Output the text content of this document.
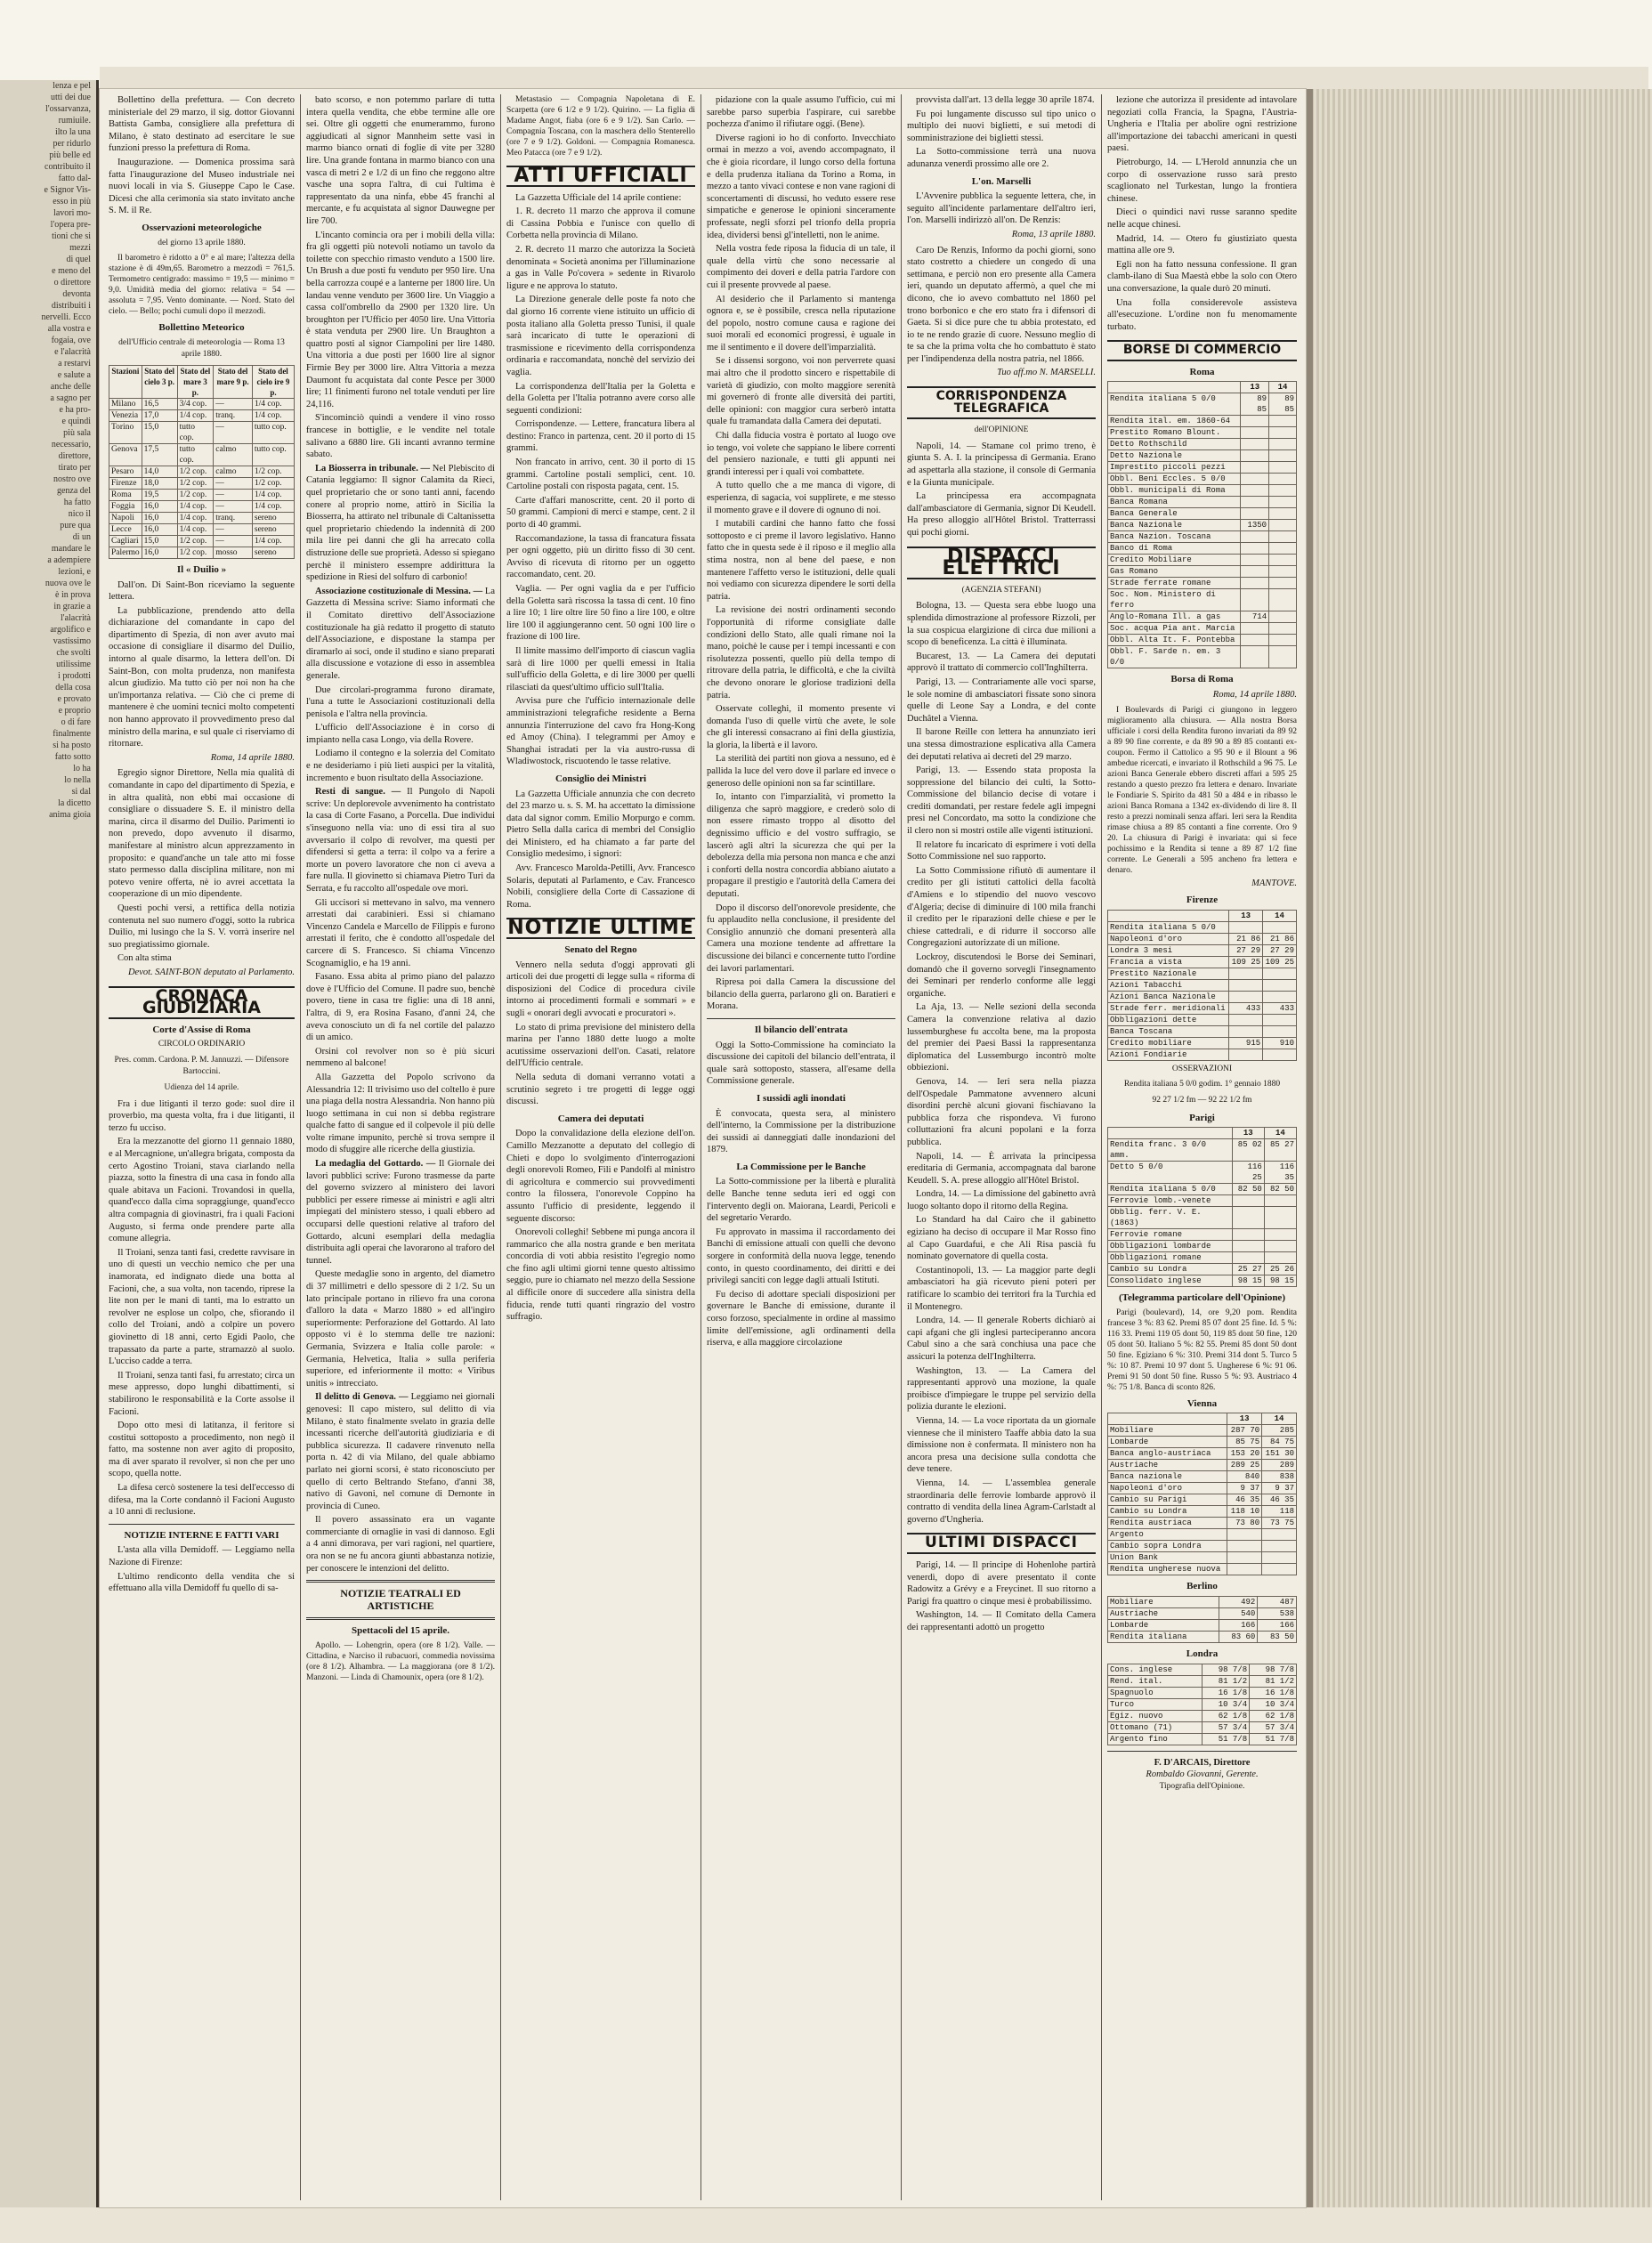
lenza e pel

utti dei due

l'ossarvanza,

rumiuile.

ilto la una

per ridurlo

più belle ed

contribuito il

fatto dal-

e Signor Vis-

esso in più

lavori mo-

l'opera pre-

tioni che si

mezzi

di quel

e meno del

o direttore

devonta

distribuiti i

nervelli. Ecco

alla vostra e

fogaia, ove

e l'alacrità

a restarvi

e salute a

anche delle

a sagno per

e ha pro-

e quindi

più sala

necessario,

direttore,

tirato per

nostro ove

genza del

ha fatto

nico il

pure qua

di un

mandare le

a adempiere

lezioni, e

nuova ove le

è in prova

in grazie a

l'alacrità

argolifico e

vastissimo

che svolti

utilissime

i prodotti

della cosa

e provato

e proprio

o di fare

finalmente

si ha posto

fatto sotto

lo ha

lo nella

si dal

la dicetto

anima gioia

Bollettino della prefettura. — Con decreto ministeriale del 29 marzo, il sig. dottor Giovanni Battista Gamba, consigliere alla prefettura di Milano, è stato destinato ad esercitare le sue funzioni presso la prefettura di Roma.

Inaugurazione. — Domenica prossima sarà fatta l'inaugurazione del Museo industriale nei nuovi locali in via S. Giuseppe Capo le Case. Dicesi che alla cerimonia sia stato invitato anche S. M. il Re.

Osservazioni meteorologiche
del giorno 13 aprile 1880.

Il barometro è ridotto a 0° e al mare; l'altezza della stazione è di 49m,65. Barometro a mezzodì = 761,5. Termometro centigrado: massimo = 19,5 — minimo = 9,0. Umidità media del giorno: relativa = 54 — assoluta = 7,95. Vento dominante. — Nord. Stato del cielo. — Bello; pochi cumuli dopo il mezzodì.

Bollettino Meteorico
dell'Ufficio centrale di meteorologia — Roma 13 aprile 1880.
Stazioni	Stato del cielo 3 p.	Stato del mare 3 p.	Stato del mare 9 p.	Stato del cielo ire 9 p.
Milano	16,5	3/4 cop.	—	1/4 cop.
Venezia	17,0	1/4 cop.	tranq.	1/4 cop.
Torino	15,0	tutto cop.	—	tutto cop.
Genova	17,5	tutto cop.	calmo	tutto cop.
Pesaro	14,0	1/2 cop.	calmo	1/2 cop.
Firenze	18,0	1/2 cop.	—	1/2 cop.
Roma	19,5	1/2 cop.	—	1/4 cop.
Foggia	16,0	1/4 cop.	—	1/4 cop.
Napoli	16,0	1/4 cop.	tranq.	sereno
Lecce	16,0	1/4 cop.	—	sereno
Cagliari	15,0	1/2 cop.	—	1/4 cop.
Palermo	16,0	1/2 cop.	mosso	sereno
Il « Duilio »

Dall'on. Di Saint-Bon riceviamo la seguente lettera.

La pubblicazione, prendendo atto della dichiarazione del comandante in capo del dipartimento di Spezia, di non aver avuto mai occasione di consigliare il disarmo del Duilio, intorno al quale disarmo, la lettera dell'on. Di Saint-Bon, con molta prudenza, non manifesta alcun giudizio. Ma tutto ciò per noi non ha che un'importanza relativa. — Ciò che ci preme di mantenere è che uomini tecnici molto competenti non hanno approvato il provvedimento preso dal ministro della marina, e sul quale ci riserviamo di ritornare.

Roma, 14 aprile 1880.

Egregio signor Direttore, Nella mia qualità di comandante in capo del dipartimento di Spezia, e in altra qualità, non ebbi mai occasione di consigliare o dissuadere S. E. il ministro della marina, circa il disarmo del Duilio. Parimenti io non prevedo, dopo avvenuto il disarmo, manifestare al ministro alcun apprezzamento in proposito: e quand'anche un tale atto mi fosse stato permesso dalla disciplina militare, non mi potevo venire offerta, nè io avrei accettata la cooperazione di un mio dipendente.

Questi pochi versi, a rettifica della notizia contenuta nel suo numero d'oggi, sotto la rubrica Duilio, mi lusingo che la S. V. vorrà inserire nel suo pregiatissimo giornale.

Con alta stima

Devot. SAINT-BON deputato al Parlamento.
CRONACA GIUDIZIARIA
Corte d'Assise di Roma
CIRCOLO ORDINARIO
Pres. comm. Cardona. P. M. Jannuzzi. — Difensore Bartoccini.
Udienza del 14 aprile.

Fra i due litiganti il terzo gode: suol dire il proverbio, ma questa volta, fra i due litiganti, il terzo fu ucciso.

Era la mezzanotte del giorno 11 gennaio 1880, e al Mercagnione, un'allegra brigata, composta da certo Agostino Troiani, stava ciarlando nella piazza, sotto la finestra di una casa in fondo alla quale abitava un Facioni. Trovandosi in quella, quand'ecco dalla cima sopraggiunge, quand'ecco altra compagnia di giovinastri, fra i quali Facioni Augusto, si ferma onde prendere parte alla comune allegria.

Il Troiani, senza tanti fasi, credette ravvisare in uno di questi un vecchio nemico che per una inamorata, ed indignato diede una botta al Facioni, che, a sua volta, non tacendo, riprese la lite non per le mani di tanti, ma lo estratto un revolver ne esplose un colpo, che, sfiorando il collo del Troiani, andò a colpire un povero giovinetto di 18 anni, certo Egidi Paolo, che trapassato da parte a parte, stramazzò al suolo. L'ucciso cadde a terra.

Il Troiani, senza tanti fasi, fu arrestato; circa un mese appresso, dopo lunghi dibattimenti, si stabilirono le responsabilità e la Corte assolse il Facioni.

Dopo otto mesi di latitanza, il feritore si costituì sottoposto a procedimento, non negò il fatto, ma sostenne non aver agito di proposito, ma di aver sparato il revolver, sì non che per uno scopo, quella notte.

La difesa cercò sostenere la tesi dell'eccesso di difesa, ma la Corte condannò il Facioni Augusto a 10 anni di reclusione.

NOTIZIE INTERNE E FATTI VARI

L'asta alla villa Demidoff. — Leggiamo nella Nazione di Firenze:

L'ultimo rendiconto della vendita che si effettuano alla villa Demidoff fu quello di sa-

bato scorso, e non potemmo parlare di tutta intera quella vendita, che ebbe termine alle ore sei. Oltre gli oggetti che enumerammo, furono aggiudicati al signor Mannheim sette vasi in marmo bianco ornati di foglie di vite per 3280 lire. Una grande fontana in marmo bianco con una vasca di metri 2 e 1/2 di un fino che reggono altre vasche una sopra l'altra, di cui l'ultima è rappresentato da una ninfa, ebbe 45 franchi al mercante, e fu acquistata al signor Dauwegne per lire 700.

L'incanto comincia ora per i mobili della villa: fra gli oggetti più notevoli notiamo un tavolo da toilette con specchio rimasto venduto a 1500 lire. Un Brush a due posti fu venduto per 950 lire. Una bella carrozza coupé e a lanterne per 1800 lire. Un landau venne venduto per 3600 lire. Un Viaggio a cassa coll'ombrello da 2900 per 1320 lire. Un broughton per l'Ufficio per 4050 lire. Una Vittoria è stata venduta per 2900 lire. Un Braughton a quattro posti al signor Ciampolini per lire 1480. Una vittoria a due posti per 1600 lire al signor Firmie Bey per 3000 lire. Altra Vittoria a mezza Daumont fu acquistata dal conte Pesce per 3000 lire; 11 finimenti furono nel totale venduti per lire 24,116.

S'incominciò quindi a vendere il vino rosso francese in bottiglie, e le vendite nel totale salivano a 6880 lire. Gli incanti avranno termine sabato.

La Biosserra in tribunale. — Nel Plebiscito di Catania leggiamo: Il signor Calamita da Rieci, quel proprietario che or sono tanti anni, facendo conere al proprio nome, attirò in Sicilia la Biosserra, ha attirato nel tribunale di Caltanissetta quel proprietario chiedendo la indennità di 200 mila lire pei danni che gli ha arrecato colla distruzione delle sue proprietà. Adesso si spiegano perchè il ministero essempre addirittura la spedizione in Riesi del solfuro di carbonio!

Associazione costituzionale di Messina. — La Gazzetta di Messina scrive: Siamo informati che il Comitato direttivo dell'Associazione costituzionale ha già redatto il progetto di statuto dell'Associazione, e dispostane la stampa per diramarlo ai soci, onde il studino e siano preparati alla discussione e votazione di esso in assemblea generale.

Due circolari-programma furono diramate, l'una a tutte le Associazioni costituzionali della penisola e l'altra nella provincia.

L'ufficio dell'Associazione è in corso di impianto nella casa Longo, via della Rovere.

Lodiamo il contegno e la solerzia del Comitato e ne desideriamo i più lieti auspici per la vitalità, incremento e buon risultato della Associazione.

Resti di sangue. — Il Pungolo di Napoli scrive: Un deplorevole avvenimento ha contristato la casa di Corte Fasano, a Porcella. Due individui s'inseguono nella via: uno di essi tira al suo avversario il colpo di revolver, ma questi per difendersi si getta a terra: il colpo va a ferire a morte un povero lavoratore che non ci aveva a fare nulla. Il giovinetto si chiamava Pietro Turi da Serrata, e fu raccolto all'ospedale ove morì.

Gli uccisori si mettevano in salvo, ma vennero arrestati dai carabinieri. Essi si chiamano Vincenzo Candela e Marcello de Filippis e furono arrestati il ferito, che è condotto all'ospedale del carcere di S. Francesco. Si chiama Vincenzo Scognamiglio, e ha 19 anni.

Fasano. Essa abita al primo piano del palazzo dove è l'Ufficio del Comune. Il padre suo, benchè povero, tiene in casa tre figlie: una di 18 anni, l'altra, di 9, era Rosina Fasano, d'anni 24, che aveva conosciuto un dì fa nel cortile del palazzo di un amico.

Orsini col revolver non so è più sicuri nemmeno al balcone!

Alla Gazzetta del Popolo scrivono da Alessandria 12: Il trivisimo uso del coltello è pure una piaga della nostra Alessandria. Non hanno più luogo settimana in cui non si debba registrare qualche fatto di sangue ed il colpevole il più delle volte rimane impunito, perchè si trova sempre il modo di sfuggire alle ricerche della giustizia.

La medaglia del Gottardo. — Il Giornale dei lavori pubblici scrive: Furono trasmesse da parte del governo svizzero al ministero dei lavori pubblici per essere rimesse ai ministri e agli altri impiegati del ministero stesso, i quali ebbero ad occuparsi delle questioni relative al traforo del Gottardo, alcuni esemplari della medaglia distribuita agli operai che lavorarono al traforo del tunnel.

Queste medaglie sono in argento, del diametro di 37 millimetri e dello spessore di 2 1/2. Su un lato principale portano in rilievo fra una corona d'alloro la data « Marzo 1880 » ed all'ingiro superiormente: Perforazione del Gottardo. Al lato opposto vi è lo stemma delle tre nazioni: Germania, Svizzera e Italia colle parole: « Germania, Helvetica, Italia » sulla periferia superiore, ed inferiormente il motto: « Viribus unitis » intrecciato.

Il delitto di Genova. — Leggiamo nei giornali genovesi: Il capo mistero, sul delitto di via Milano, è stato finalmente svelato in grazia delle incessanti ricerche dell'autorità giudiziaria e di pubblica sicurezza. Il cadavere rinvenuto nella porta n. 42 di via Milano, del quale abbiamo parlato nei giorni scorsi, è stato riconosciuto per quello di certo Beltrando Stefano, d'anni 38, nativo di Gavoni, nel comune di Demonte in provincia di Cuneo.

Il povero assassinato era un vagante commerciante di ornaglie in vasi di dannoso. Egli a 4 anni dimorava, per vari ragioni, nel quartiere, ora non se ne fu ancora giunti abbastanza notizie, per conoscere le intenzioni del delitto.

NOTIZIE TEATRALI ED ARTISTICHE
Spettacoli del 15 aprile.

Apollo. — Lohengrin, opera (ore 8 1/2). Valle. — Cittadina, e Narciso il rubacuori, commedia novissima (ore 8 1/2). Alhambra. — La maggiorana (ore 8 1/2). Manzoni. — Linda di Chamounix, opera (ore 8 1/2).

Metastasio — Compagnia Napoletana di E. Scarpetta (ore 6 1/2 e 9 1/2). Quirino. — La figlia di Madame Angot, fiaba (ore 6 e 9 1/2). San Carlo. — Compagnia Toscana, con la maschera dello Stenterello (ore 7 e 9 1/2). Goldoni. — Compagnia Romanesca. Meo Patacca (ore 7 e 9 1/2).

ATTI UFFICIALI

La Gazzetta Ufficiale del 14 aprile contiene:

1. R. decreto 11 marzo che approva il comune di Cassina Pobbia e l'unisce con quello di Corbetta nella provincia di Milano.

2. R. decreto 11 marzo che autorizza la Società denominata « Società anonima per l'illuminazione a gas in Valle Po'covera » sedente in Rivarolo ligure e ne approva lo statuto.

La Direzione generale delle poste fa noto che dal giorno 16 corrente viene istituito un ufficio di posta italiano alla Goletta presso Tunisi, il quale sarà incaricato di tutte le operazioni di trasmissione e ricevimento della corrispondenza ordinaria e raccomandata, nonchè del servizio dei vaglia.

La corrispondenza dell'Italia per la Goletta e della Goletta per l'Italia potranno avere corso alle seguenti condizioni:

Corrispondenze. — Lettere, francatura libera al destino: Franco in partenza, cent. 20 il porto di 15 grammi.

Non francato in arrivo, cent. 30 il porto di 15 grammi. Cartoline postali semplici, cent. 10. Cartoline postali con risposta pagata, cent. 15.

Carte d'affari manoscritte, cent. 20 il porto di 50 grammi. Campioni di merci e stampe, cent. 2 il porto di 40 grammi.

Raccomandazione, la tassa di francatura fissata per ogni oggetto, più un diritto fisso di 30 cent. Avviso di ricevuta di ritorno per un oggetto raccomandato, cent. 20.

Vaglia. — Per ogni vaglia da e per l'ufficio della Goletta sarà riscossa la tassa di cent. 10 fino a lire 10; 1 lire oltre lire 50 fino a lire 100, e oltre lire 100 il aggiungeranno cent. 50 ogni 100 lire o frazione di 100 lire.

Il limite massimo dell'importo di ciascun vaglia sarà di lire 1000 per quelli emessi in Italia sull'ufficio della Goletta, e di lire 3000 per quelli rilasciati da quest'ultimo ufficio sull'Italia.

Avvisa pure che l'ufficio internazionale delle amministrazioni telegrafiche residente a Berna annunzia l'interruzione del cavo fra Hong-Kong ed Amoy (China). I telegrammi per Amoy e Shanghai istradati per la via austro-russa di Wladiwostock, riscuotendo le tasse relative.

Consiglio dei Ministri

La Gazzetta Ufficiale annunzia che con decreto del 23 marzo u. s. S. M. ha accettato la dimissione data dal signor comm. Emilio Morpurgo e comm. Pietro Sella dalla carica di membri del Consiglio dei Ministero, ed ha chiamato a far parte del Consiglio medesimo, i signori:

Avv. Francesco Marolda-Petilli, Avv. Francesco Solaris, deputati al Parlamento, e Cav. Francesco Nobili, consigliere della Corte di Cassazione di Roma.

NOTIZIE ULTIME
Senato del Regno

Vennero nella seduta d'oggi approvati gli articoli dei due progetti di legge sulla « riforma di disposizioni del Codice di procedura civile intorno ai procedimenti formali e sommari » e sugli « onorari degli avvocati e procuratori ».

Lo stato di prima previsione del ministero della marina per l'anno 1880 dette luogo a molte acutissime osservazioni dell'on. Casati, relatore dell'Ufficio centrale.

Nella seduta di domani verranno votati a scrutinio segreto i tre progetti di legge oggi discussi.

Camera dei deputati

Dopo la convalidazione della elezione dell'on. Camillo Mezzanotte a deputato del collegio di Chieti e dopo lo svolgimento d'interrogazioni degli onorevoli Romeo, Fili e Pandolfi al ministro di agricoltura e commercio sui provvedimenti contro la filossera, l'onorevole Coppino ha assunto l'ufficio di presidente, leggendo il seguente discorso:

Onorevoli colleghi! Sebbene mi punga ancora il rammarico che alla nostra grande e ben meritata concordia di voti abbia resistito l'egregio nomo che fino agli ultimi giorni tenne questo altissimo seggio, pure io chiamato nel mezzo della Sessione al difficile onore di succedere alla sinistra della fiducia, rende tutti quanti ringrazio del vostro suffragio.

pidazione con la quale assumo l'ufficio, cui mi sarebbe parso superbia l'aspirare, cui sarebbe pochezza d'animo il rifiutare oggi. (Bene).

Diverse ragioni io ho di conforto. Invecchiato ormai in mezzo a voi, avendo accompagnato, il che è gioia ricordare, il lungo corso della fortuna e della prudenza italiana da Torino a Roma, in mezzo a tanto vivaci contese e non vane ragioni di sconcertamenti di discussi, ho veduto essere rese simpatiche e generose le opinioni sinceramente professate, negli sforzi pel trionfo della propria idea, dividersi bensì gl'intelletti, non le anime.

Nella vostra fede riposa la fiducia di un tale, il quale della virtù che sono necessarie al compimento dei doveri e della patria l'ardore con cui il presente provvede al paese.

Al desiderio che il Parlamento si mantenga ognora e, se è possibile, cresca nella riputazione del popolo, nostro comune causa e ragione dei suoi morali ed economici progressi, è uguale in me il sentimento e il dovere dell'imparzialità.

Se i dissensi sorgono, voi non perverrete quasi mai altro che il prodotto sincero e rispettabile di varietà di giudizio, con molto maggiore serenità mi governerò di fronte alle diversità dei partiti, delle opinioni: con maggior cura serberò intatta quale fu tramandata dalla Camera dei deputati.

Chi dalla fiducia vostra è portato al luogo ove io tengo, voi volete che sappiano le libere correnti del pensiero nazionale, e tutti gli appunti nei grandi interessi per i quali voi combattete.

A tutto quello che a me manca di vigore, di esperienza, di sagacia, voi supplirete, e me stesso il momento grave e il dovere di ognuno di noi.

I mutabili cardini che hanno fatto che fossi sottoposto e ci preme il lavoro legislativo. Hanno fatto che in questa sede è il riposo e il meglio alla stima nostra, non al bene del paese, e non mantenere l'affetto verso le istituzioni, delle quali noi vediamo con sicurezza dipendere le sorti della patria.

La revisione dei nostri ordinamenti secondo l'opportunità di riforme consigliate dalle condizioni dello Stato, alle quali rimane noi la mano, poichè le cause per i tempi incessanti e con risolutezza possenti, quello più della tempo di ritrovare della patria, le difficoltà, e che la civiltà che devono onorare le gloriose tradizioni della patria.

Osservate colleghi, il momento presente vi domanda l'uso di quelle virtù che avete, le sole che gli interessi consacrano ai fini della giustizia, la gloria, la libertà e il lavoro.

La sterilità dei partiti non giova a nessuno, ed è pallida la luce del vero dove il parlare ed invece o generoso delle opinioni non sa far scintillare.

Io, intanto con l'imparzialità, vi prometto la diligenza che saprò maggiore, e crederò solo di non essere rimasto troppo al disotto del degnissimo ufficio e del vostro suffragio, se lascerò agli altri la sicurezza che qui per la debolezza della mia persona non manca e che anzi i conforti della nostra concordia abbiano aiutato a propagare il prestigio e l'autorità della Camera dei deputati.

Dopo il discorso dell'onorevole presidente, che fu applaudito nella conclusione, il presidente del Consiglio annunziò che domani presenterà alla Camera una mozione tendente ad affrettare la discussione dei bilanci e concernente tutto l'ordine dei lavori parlamentari.

Ripresa poi dalla Camera la discussione del bilancio della guerra, parlarono gli on. Baratieri e Morana.

Il bilancio dell'entrata

Oggi la Sotto-Commissione ha cominciato la discussione dei capitoli del bilancio dell'entrata, il quale sarà sottoposto, stassera, all'esame della Commissione generale.

I sussidi agli inondati

È convocata, questa sera, al ministero dell'interno, la Commissione per la distribuzione dei sussidi ai danneggiati dalle inondazioni del 1879.

La Commissione per le Banche

La Sotto-commissione per la libertà e pluralità delle Banche tenne seduta ieri ed oggi con l'intervento degli on. Maiorana, Leardi, Pericoli e del segretario Verardo.

Fu approvato in massima il raccordamento dei Banchi di emissione attuali con quelli che devono sorgere in conformità della nuova legge, tenendo conto, in questo coordinamento, dei diritti e dei privilegi sanciti con legge dagli attuali Istituti.

Fu deciso di adottare speciali disposizioni per governare le Banche di emissione, durante il corso forzoso, specialmente in ordine al massimo limite dell'emissione, agli ordinamenti della riserva, e alla maggiore circolazione

provvista dall'art. 13 della legge 30 aprile 1874.

Fu poi lungamente discusso sul tipo unico o multiplo dei nuovi biglietti, e sui metodi di somministrazione dei biglietti stessi.

La Sotto-commissione terrà una nuova adunanza venerdì prossimo alle ore 2.

L'on. Marselli

L'Avvenire pubblica la seguente lettera, che, in seguito all'incidente parlamentare dell'altro ieri, l'on. Marselli indirizzò all'on. De Renzis:

Roma, 13 aprile 1880.

Caro De Renzis, Informo da pochi giorni, sono stato costretto a chiedere un congedo di una settimana, e perciò non ero presente alla Camera ieri, quando un deputato affermò, a quel che mi dicono, che io avevo combattuto nel 1860 pel trono borbonico e che ero stato fra i difensori di Gaeta. Si si dice pure che tu abbia protestato, ed io te ne rendo grazie di cuore. Nessuno meglio di te sa che la prima volta che ho combattuto è stato per l'indipendenza della nostra patria, nel 1866.

Tuo aff.mo N. MARSELLI.
CORRISPONDENZA TELEGRAFICA
dell'OPINIONE

Napoli, 14. — Stamane col primo treno, è giunta S. A. I. la principessa di Germania. Erano ad aspettarla alla stazione, il console di Germania e la Giunta municipale.

La principessa era accompagnata dall'ambasciatore di Germania, signor Di Keudell. Ha preso alloggio all'Hôtel Bristol. Tratterrassi qui pochi giorni.

DISPACCI ELETTRICI
(AGENZIA STEFANI)

Bologna, 13. — Questa sera ebbe luogo una splendida dimostrazione al professore Rizzoli, per la sua cospicua elargizione di circa due milioni a scopo di beneficenza. La città è illuminata.

Bucarest, 13. — La Camera dei deputati approvò il trattato di commercio coll'Inghilterra.

Parigi, 13. — Contrariamente alle voci sparse, le sole nomine di ambasciatori fissate sono sinora quelle di Leone Say a Londra, e del conte Duchâtel a Vienna.

Il barone Reille con lettera ha annunziato ieri una stessa dimostrazione esplicativa alla Camera dei deputati relativa ai decreti del 29 marzo.

Parigi, 13. — Essendo stata proposta la soppressione del bilancio dei culti, la Sotto-Commissione del bilancio decise di votare i crediti domandati, per restare fedele agli impegni presi nel Concordato, ma sotto la condizione che il clero non si mostri ostile alle vigenti istituzioni.

Il relatore fu incaricato di esprimere i voti della Sotto Commissione nel suo rapporto.

La Sotto Commissione rifiutò di aumentare il credito per gli istituti cattolici della facoltà d'Amiens e lo stipendio del nuovo vescovo d'Algeria; decise di diminuire di 100 mila franchi il credito per le riparazioni delle chiese e per le chiese cattedrali, e di ridurre il soccorso alle Congregazioni autorizzate di un milione.

Lockroy, discutendosi le Borse dei Seminari, domandò che il governo sorvegli l'insegnamento dei Seminari per renderlo conforme alle leggi organiche.

La Aja, 13. — Nelle sezioni della seconda Camera la convenzione relativa al dazio lussemburghese fu accolta bene, ma la proposta del premier dei Paesi Bassi la rappresentanza diplomatica del Lussemburgo incontrò molte obbiezioni.

Genova, 14. — Ieri sera nella piazza dell'Ospedale Pammatone avvennero alcuni disordini perchè alcuni giovani fischiavano la pubblica forza che rispondeva. Vi furono colluttazioni fra alcuni popolani e la forza pubblica.

Napoli, 14. — È arrivata la principessa ereditaria di Germania, accompagnata dal barone Keudell. S. A. prese alloggio all'Hôtel Bristol.

Londra, 14. — La dimissione del gabinetto avrà luogo soltanto dopo il ritorno della Regina.

Lo Standard ha dal Cairo che il gabinetto egiziano ha deciso di occupare il Mar Rosso fino al Capo Guardafui, e che Ali Risa pascià fu nominato governatore di quella costa.

Costantinopoli, 13. — La maggior parte degli ambasciatori ha già ricevuto pieni poteri per ratificare lo scambio dei territori fra la Turchia ed il Montenegro.

Londra, 14. — Il generale Roberts dichiarò ai capi afgani che gli inglesi parteciperanno ancora Cabul sino a che sarà conchiusa una pace che assicuri la potenza dell'Inghilterra.

Washington, 13. — La Camera del rappresentanti approvò una mozione, la quale proibisce d'impiegare le truppe pel servizio della polizia durante le elezioni.

Vienna, 14. — La voce riportata da un giornale viennese che il ministero Taaffe abbia dato la sua dimissione non è confermata. Il ministero non ha ancora presa una decisione sulla condotta che deve tenere.

Vienna, 14. — L'assemblea generale straordinaria delle ferrovie lombarde approvò il contratto di vendita della linea Agram-Carlstadt al governo d'Ungheria.

ULTIMI DISPACCI

Parigi, 14. — Il principe di Hohenlohe partirà venerdì, dopo di avere presentato il conte Radowitz a Grévy e a Freycinet. Il suo ritorno a Parigi fra quattro o cinque mesi è probabilissimo.

Washington, 14. — Il Comitato della Camera dei rappresentanti adottò un progetto

lezione che autorizza il presidente ad intavolare negoziati colla Francia, la Spagna, l'Austria-Ungheria e l'Italia per abolire ogni restrizione all'importazione dei tabacchi americani in questi paesi.

Pietroburgo, 14. — L'Herold annunzia che un corpo di osservazione russo sarà presto scaglionato nel Turkestan, lungo la frontiera chinese.

Dieci o quindici navi russe saranno spedite nelle acque chinesi.

Madrid, 14. — Otero fu giustiziato questa mattina alle ore 9.

Egli non ha fatto nessuna confessione. Il gran clamb-ilano di Sua Maestà ebbe la solo con Otero una conversazione, la quale durò 20 minuti.

Una folla considerevole assisteva all'esecuzione. L'ordine non fu menomamente turbato.

BORSE DI COMMERCIO
Roma
	13	14
Rendita italiana 5 0/0	89 85	89 85
Rendita ital. em. 1860-64		
Prestito Romano Blount.		
Detto Rothschild		
Detto Nazionale		
Imprestito piccoli pezzi		
Obbl. Beni Eccles. 5 0/0		
Obbl. municipali di Roma		
Banca Romana		
Banca Generale		
Banca Nazionale	1350	
Banca Nazion. Toscana		
Banco di Roma		
Credito Mobiliare		
Gas Romano		
Strade ferrate romane		
Soc. Nom. Ministero di ferro		
Anglo-Romana Ill. a gas	714	
Soc. acqua Pia ant. Marcia		
Obbl. Alta It. F. Pontebba		
Obbl. F. Sarde n. em. 3 0/0		
Borsa di Roma
Roma, 14 aprile 1880.

I Boulevards di Parigi ci giungono in leggero miglioramento alla chiusura. — Alla nostra Borsa ufficiale i corsi della Rendita furono invariati da 89 92 a 89 90 fine corrente, e da 89 90 a 89 85 contanti ex-coupon. Fermo il Cattolico a 95 90 e il Blount a 96 ambedue ricercati, e invariato il Rothschild a 96 75. Le azioni Banca Generale ebbero discreti affari a 595 25 restando a questo prezzo fra lettera e denaro. Invariate le Fondiarie S. Spirito da 481 50 a 484 e in ribasso le azioni Banca Romana a 1342 ex-dividendo di lire 8. Il resto a prezzi nominali senza affari. Ieri sera la Rendita rimase chiusa a 89 85 contanti a fine corrente. Oro 9 20. La chiusura di Parigi è invariata: qui si fece pochissimo e la Rendita si tenne a 89 87 1/2 fine corrente. Le Generali a 595 ancheno fra lettera e denaro.

MANTOVE.
Firenze
	13	14
Rendita italiana 5 0/0		
Napoleoni d'oro	21 86	21 86
Londra 3 mesi	27 29	27 29
Francia a vista	109 25	109 25
Prestito Nazionale		
Azioni Tabacchi		
Azioni Banca Nazionale		
Strade ferr. meridionali	433	433
Obbligazioni dette		
Banca Toscana		
Credito mobiliare	915	910
Azioni Fondiarie		
OSSERVAZIONI
Rendita italiana 5 0/0 godim. 1° gennaio 1880
92 27 1/2 fm — 92 22 1/2 fm
Parigi
	13	14
Rendita franc. 3 0/0 amm.	85 02	85 27
Detto 5 0/0	116 25	116 35
Rendita italiana 5 0/0	82 50	82 50
Ferrovie lomb.-venete		
Obblig. ferr. V. E. (1863)		
Ferrovie romane		
Obbligazioni lombarde		
Obbligazioni romane		
Cambio su Londra	25 27	25 26
Consolidato inglese	98 15	98 15
(Telegramma particolare dell'Opinione)

Parigi (boulevard), 14, ore 9,20 pom. Rendita francese 3 %: 83 62. Premi 85 07 dont 25 fine. Id. 5 %: 116 33. Premi 119 05 dont 50, 119 85 dont 50 fine, 120 05 dont 50. Italiano 5 %: 82 55. Premi 85 dont 50 dont 50 fine. Egiziano 6 %: 310. Premi 314 dont 5. Turco 5 %: 10 87. Premi 10 97 dont 5. Ungherese 6 %: 91 06. Premi 91 50 dont 50 fine. Russo 5 %: 93. Austriaco 4 %: 75 1/8. Banca di sconto 826.

Vienna
	13	14
Mobiliare	287 70	285
Lombarde	85 75	84 75
Banca anglo-austriaca	153 20	151 30
Austriache	289 25	289
Banca nazionale	840	838
Napoleoni d'oro	9 37	9 37
Cambio su Parigi	46 35	46 35
Cambio su Londra	118 10	118
Rendita austriaca	73 80	73 75
Argento		
Cambio sopra Londra		
Union Bank		
Rendita ungherese nuova		
Berlino
Mobiliare	492	487
Austriache	540	538
Lombarde	166	166
Rendita italiana	83 60	83 50
Londra
Cons. inglese	98 7/8	98 7/8
Rend. ital.	81 1/2	81 1/2
Spagnuolo	16 1/8	16 1/8
Turco	10 3/4	10 3/4
Egiz. nuovo	62 1/8	62 1/8
Ottomano (71)	57 3/4	57 3/4
Argento fino	51 7/8	51 7/8
F. D'ARCAIS, Direttore
Rombaldo Giovanni, Gerente.
Tipografia dell'Opinione.
